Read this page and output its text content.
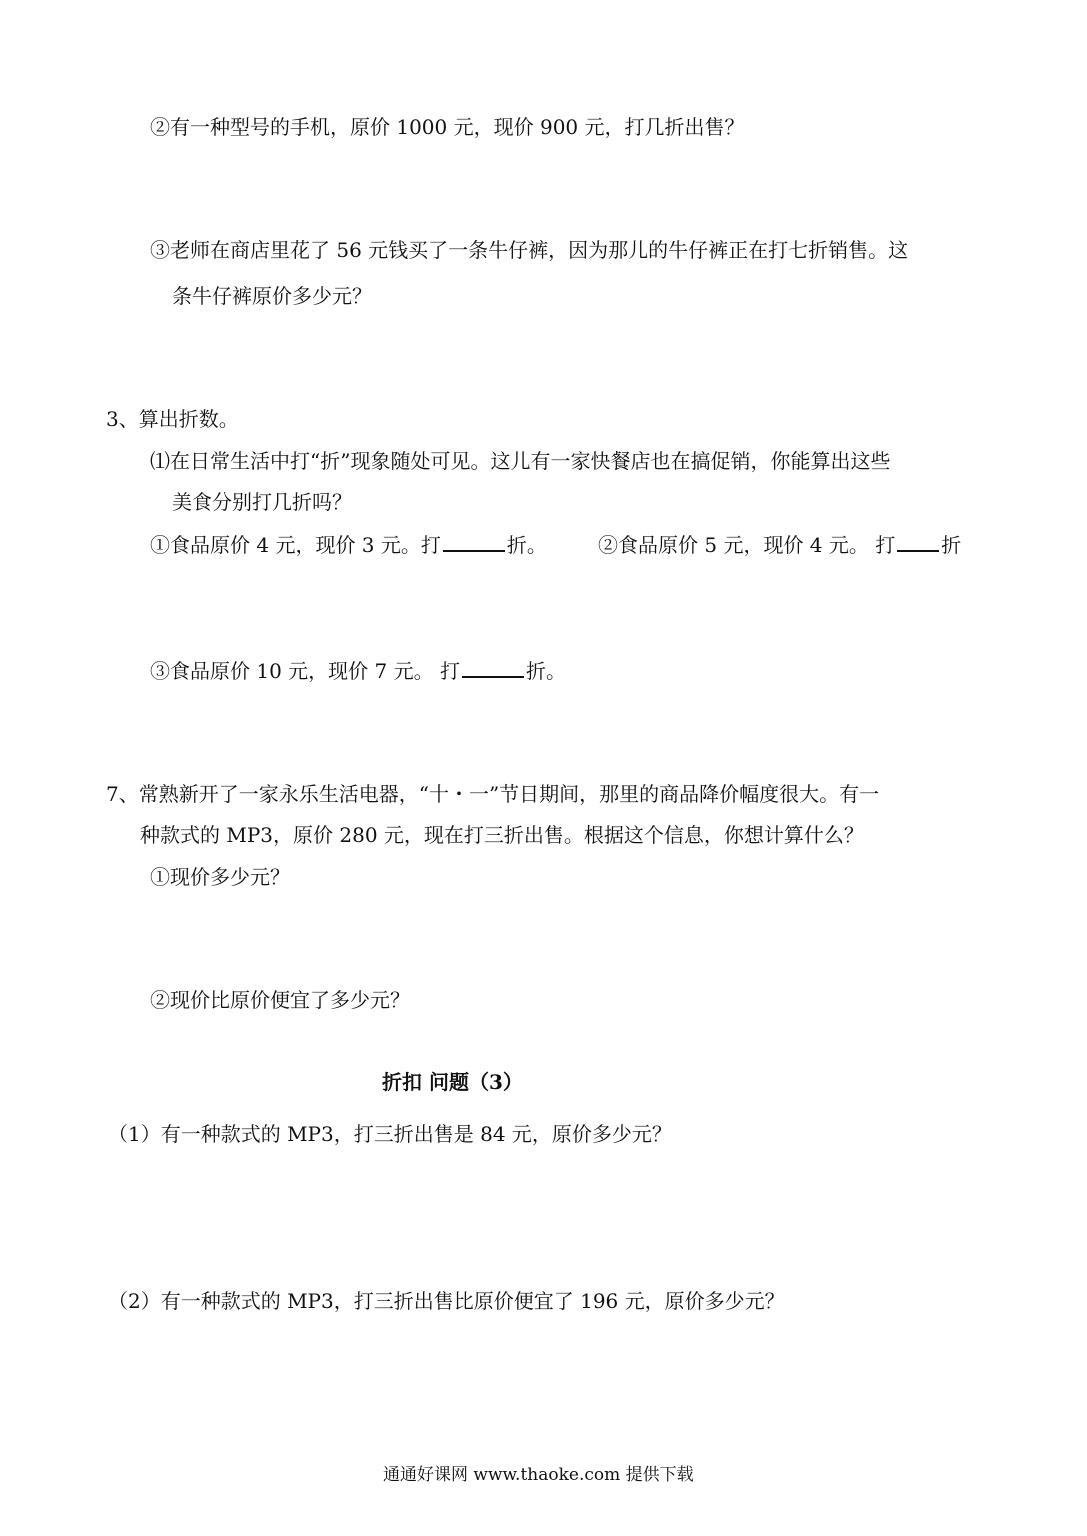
②有一种型号的手机，原价 1000 元，现价 900 元，打几折出售？
③老师在商店里花了 56 元钱买了一条牛仔裤，因为那儿的牛仔裤正在打七折销售。这
条牛仔裤原价多少元？
3、算出折数。
⑴在日常生活中打“折”现象随处可见。这儿有一家快餐店也在搞促销，你能算出这些
美食分别打几折吗？
①食品原价 4 元，现价 3 元。打	折。	②食品原价 5 元，现价 4 元。 打 折
③食品原价 10 元，现价 7 元。 打	折。
7、常熟新开了一家永乐生活电器，“十・一”节日期间，那里的商品降价幅度很大。有一
种款式的 MP3，原价 280 元，现在打三折出售。根据这个信息，你想计算什么？
①现价多少元？
②现价比原价便宜了多少元？
折扣 问题（3）
（1）有一种款式的 MP3，打三折出售是 84 元，原价多少元？
（2）有一种款式的 MP3，打三折出售比原价便宜了 196 元，原价多少元？
通通好课网 www.thaoke.com 提供下载
